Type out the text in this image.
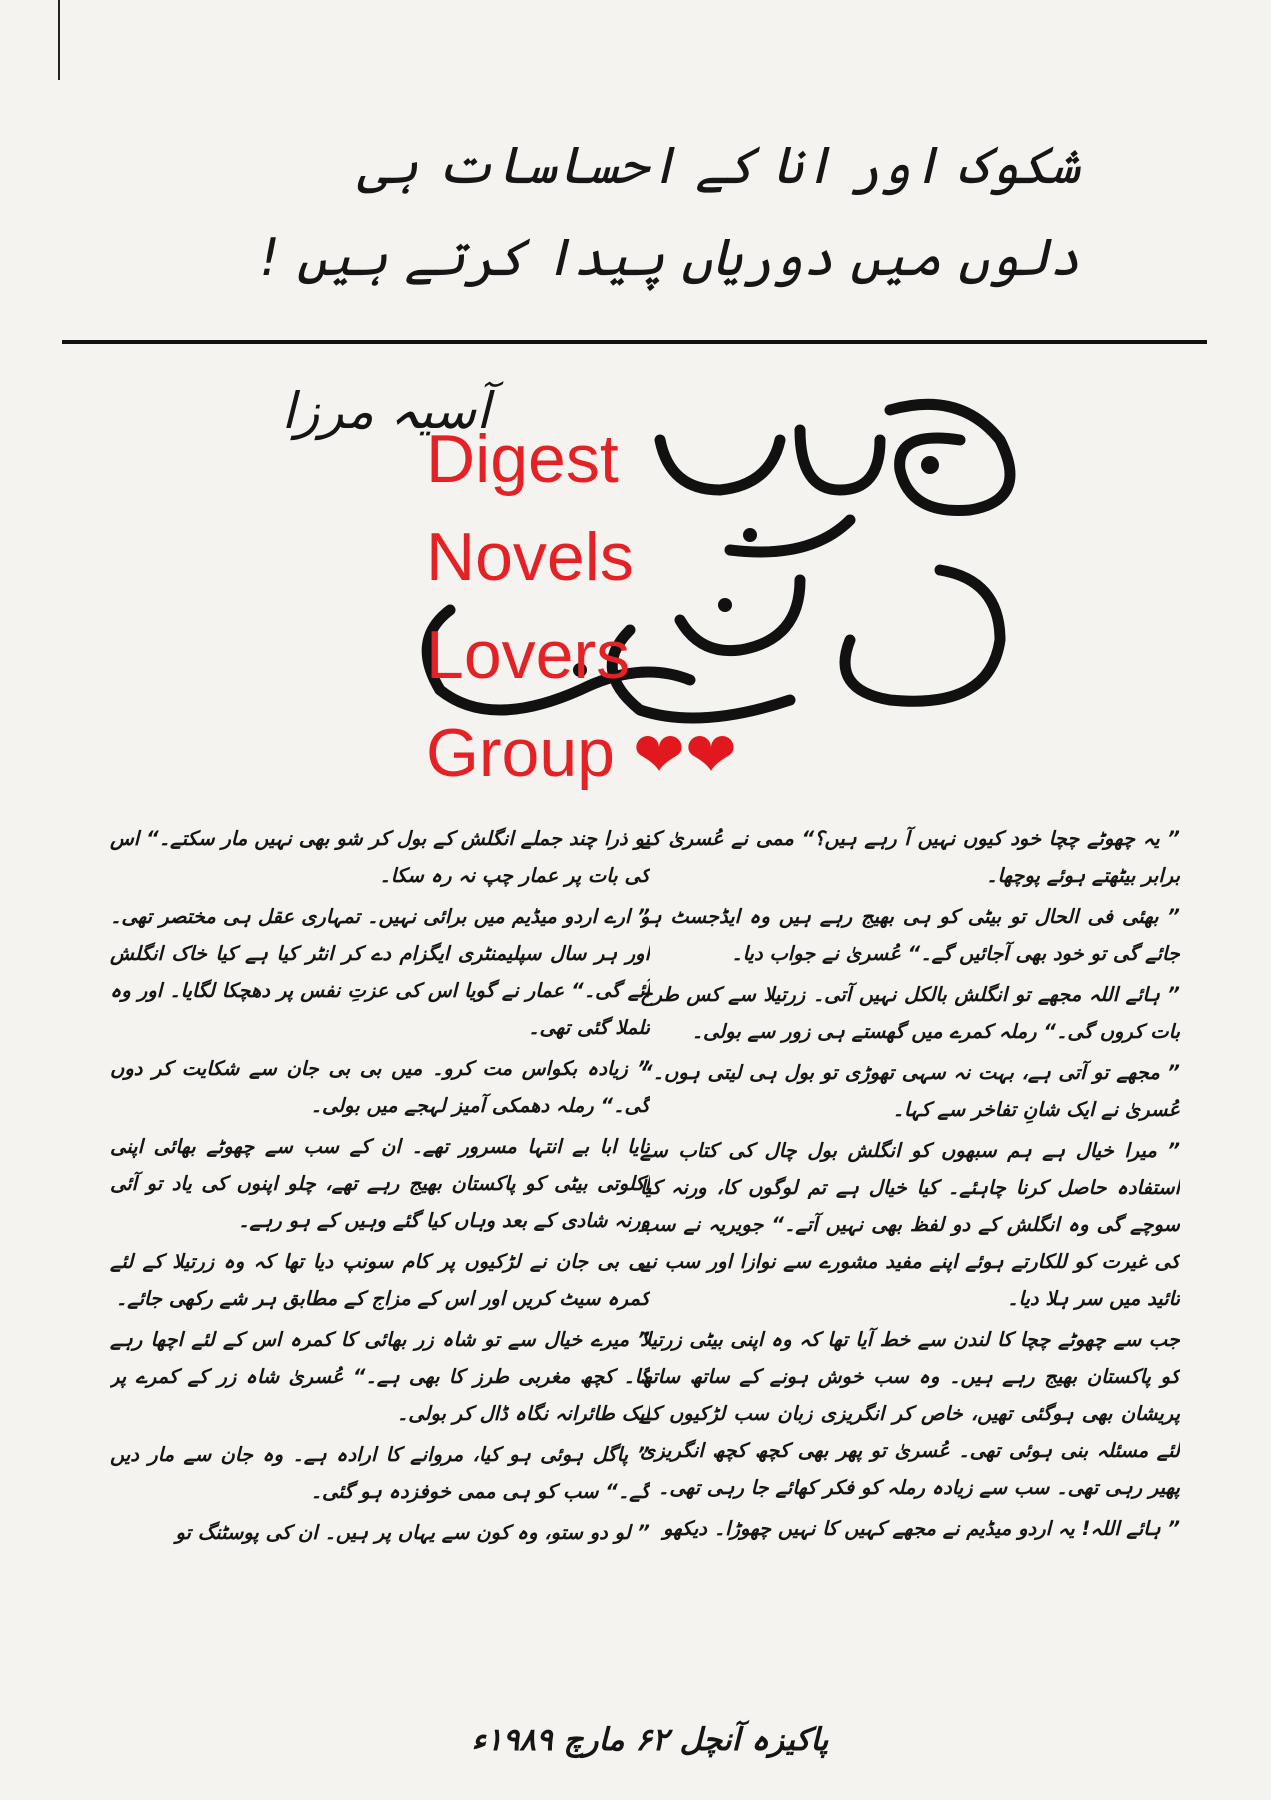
شکوک اور انا کے احساسات ہی
دلوں میں دوریاں پیدا کرتے ہیں !
آسیہ مرزا
Digest
Novels
Lovers
Group ❤❤

” یہ چھوٹے چچا خود کیوں نہیں آ رہے ہیں؟“ ممی نے عُسریٰ کے برابر بیٹھتے ہوئے پوچھا۔

” بھئی فی الحال تو بیٹی کو ہی بھیج رہے ہیں وہ ایڈجسٹ ہو جائے گی تو خود بھی آجائیں گے۔“ عُسریٰ نے جواب دیا۔

” ہائے اللہ مجھے تو انگلش بالکل نہیں آتی۔ زرتیلا سے کس طرح بات کروں گی۔“ رملہ کمرے میں گھستے ہی زور سے بولی۔

” مجھے تو آتی ہے، بہت نہ سہی تھوڑی تو بول ہی لیتی ہوں۔“ عُسریٰ نے ایک شانِ تفاخر سے کہا۔

” میرا خیال ہے ہم سبھوں کو انگلش بول چال کی کتاب سے استفادہ حاصل کرنا چاہئے۔ کیا خیال ہے تم لوگوں کا، ورنہ کیا سوچے گی وہ انگلش کے دو لفظ بھی نہیں آتے۔“ جویریہ نے سب کی غیرت کو للکارتے ہوئے اپنے مفید مشورے سے نوازا اور سب نے تائید میں سر ہلا دیا۔

جب سے چھوٹے چچا کا لندن سے خط آیا تھا کہ وہ اپنی بیٹی زرتیلا کو پاکستان بھیج رہے ہیں۔ وہ سب خوش ہونے کے ساتھ ساتھ پریشان بھی ہوگئی تھیں، خاص کر انگریزی زبان سب لڑکیوں کے لئے مسئلہ بنی ہوئی تھی۔ عُسریٰ تو پھر بھی کچھ کچھ انگریزی پھیر رہی تھی۔ سب سے زیادہ رملہ کو فکر کھائے جا رہی تھی۔

” ہائے اللہ! یہ اردو میڈیم نے مجھے کہیں کا نہیں چھوڑا۔ دیکھو

تو ذرا چند جملے انگلش کے بول کر شو بھی نہیں مار سکتے۔“ اس کی بات پر عمار چپ نہ رہ سکا۔

” ارے اردو میڈیم میں برائی نہیں۔ تمہاری عقل ہی مختصر تھی۔ اور ہر سال سپلیمنٹری ایگزام دے کر انٹر کیا ہے کیا خاک انگلش آئے گی۔“ عمار نے گویا اس کی عزتِ نفس پر دھچکا لگایا۔ اور وہ تلملا گئی تھی۔

” زیادہ بکواس مت کرو۔ میں بی بی جان سے شکایت کر دوں گی۔“ رملہ دھمکی آمیز لہجے میں بولی۔

تایا ابا بے انتہا مسرور تھے۔ ان کے سب سے چھوٹے بھائی اپنی اکلوتی بیٹی کو پاکستان بھیج رہے تھے، چلو اپنوں کی یاد تو آئی ورنہ شادی کے بعد وہاں کیا گئے وہیں کے ہو رہے۔

بی بی جان نے لڑکیوں پر کام سونپ دیا تھا کہ وہ زرتیلا کے لئے کمرہ سیٹ کریں اور اس کے مزاج کے مطابق ہر شے رکھی جائے۔

” میرے خیال سے تو شاہ زر بھائی کا کمرہ اس کے لئے اچھا رہے گا۔ کچھ مغربی طرز کا بھی ہے۔“ عُسریٰ شاہ زر کے کمرے پر ایک طائرانہ نگاہ ڈال کر بولی۔

” پاگل ہوئی ہو کیا، مروانے کا ارادہ ہے۔ وہ جان سے مار دیں گے۔“ سب کو ہی ممی خوفزدہ ہو گئی۔

” لو دو ستو، وہ کون سے یہاں پر ہیں۔ ان کی پوسٹنگ تو

پاکیزہ آنچل ۶۲ مارچ ۱۹۸۹ء
